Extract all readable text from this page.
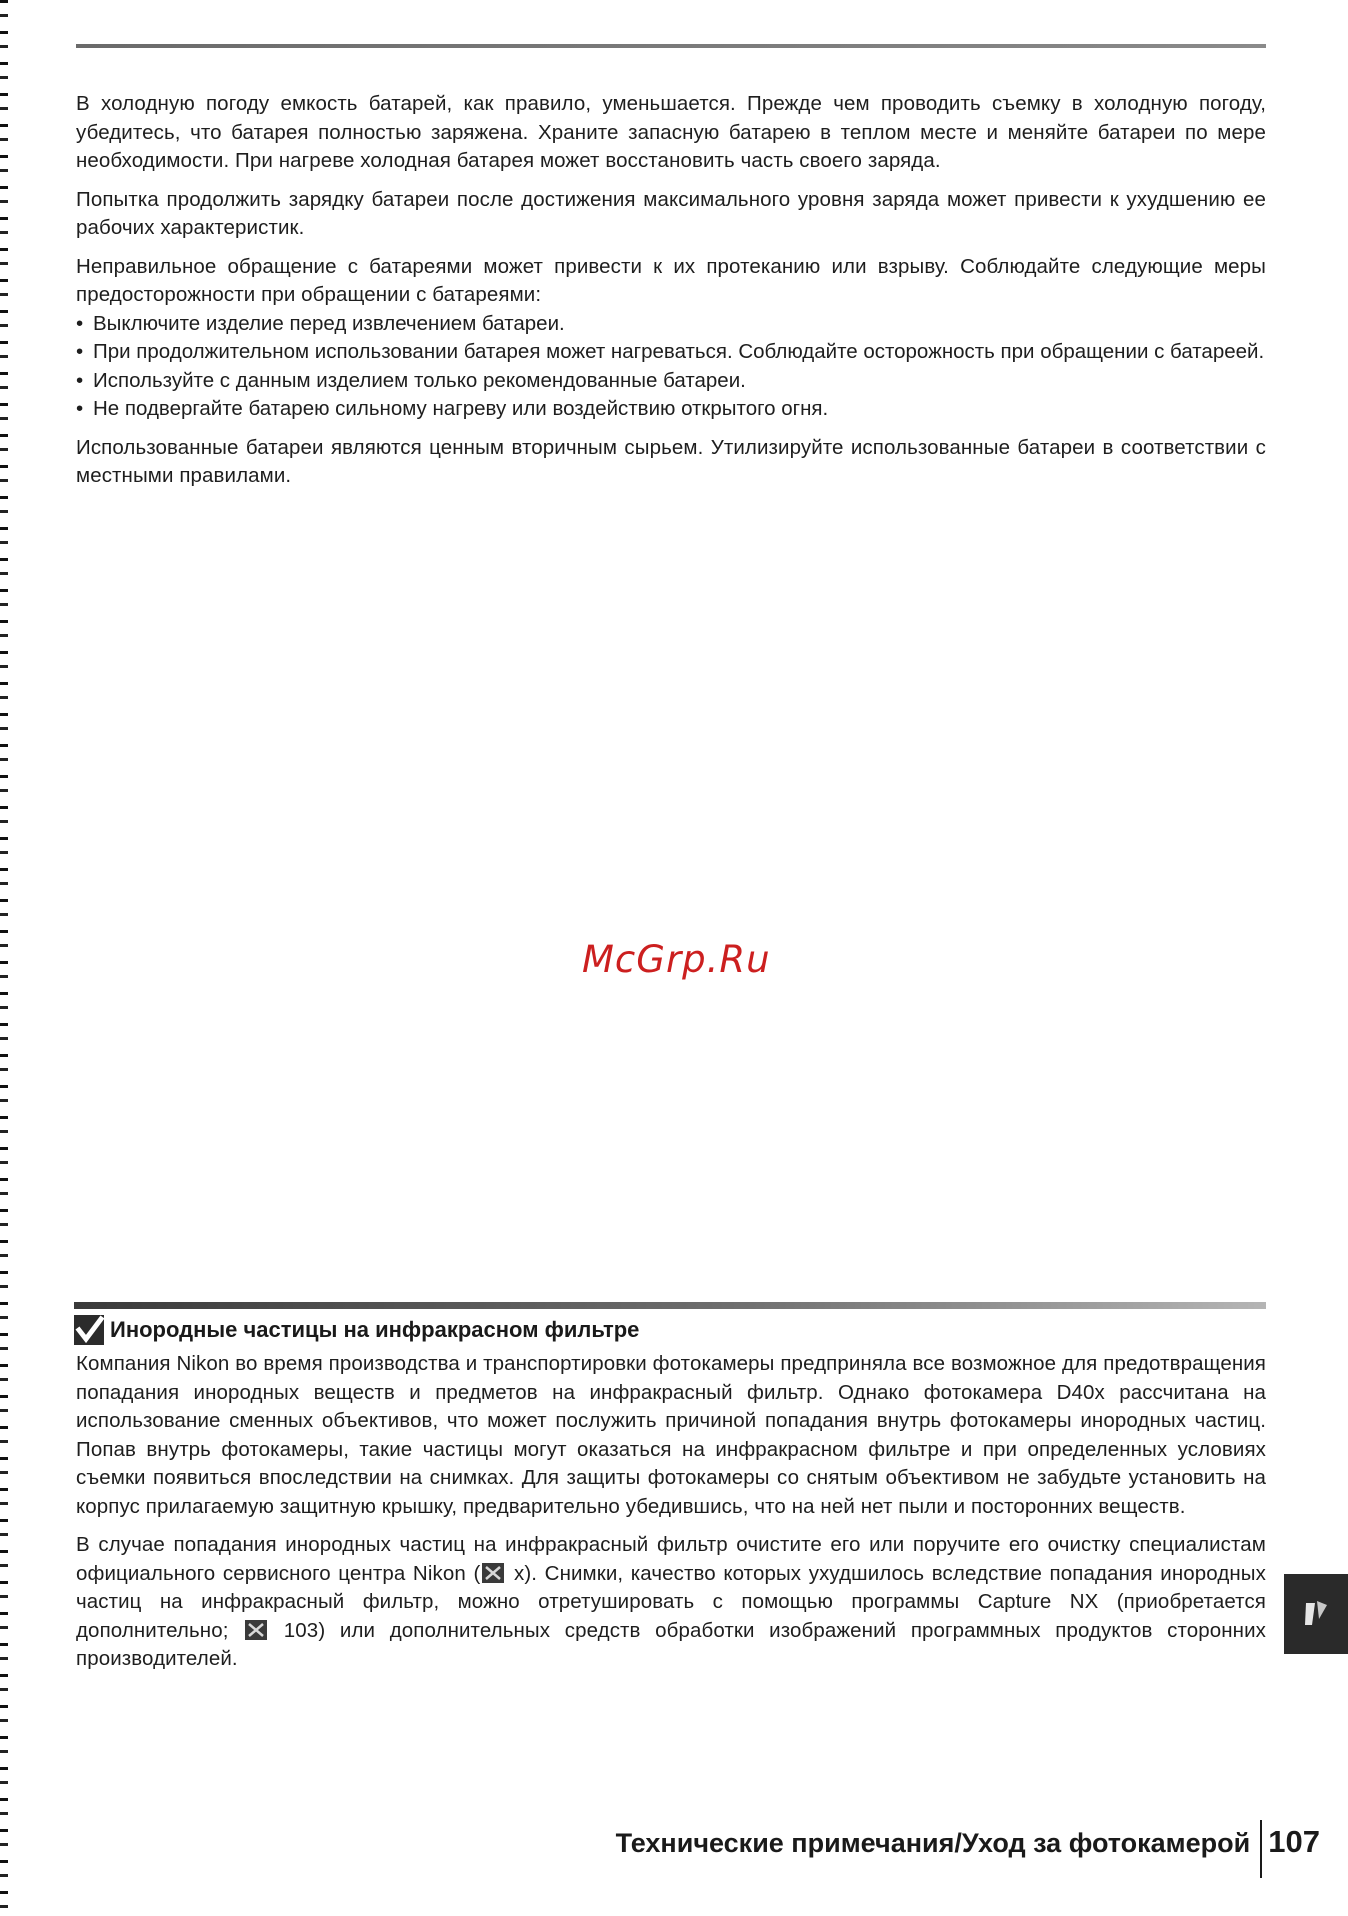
В холодную погоду емкость батарей, как правило, уменьшается. Прежде чем проводить съемку в холодную погоду, убедитесь, что батарея полностью заряжена. Храните запасную батарею в теплом месте и меняйте батареи по мере необходимости. При нагреве холодная батарея может восстановить часть своего заряда.

Попытка продолжить зарядку батареи после достижения максимального уровня заряда может привести к ухудшению ее рабочих характеристик.

Неправильное обращение с батареями может привести к их протеканию или взрыву. Соблюдайте следующие меры предосторожности при обращении с батареями:

• Выключите изделие перед извлечением батареи.
• При продолжительном использовании батарея может нагреваться. Соблюдайте осторожность при обращении с батареей.
• Используйте с данным изделием только рекомендованные батареи.
• Не подвергайте батарею сильному нагреву или воздействию открытого огня.

Использованные батареи являются ценным вторичным сырьем. Утилизируйте использованные батареи в соответствии с местными правилами.

McGrp.Ru
Инородные частицы на инфракрасном фильтре

Компания Nikon во время производства и транспортировки фотокамеры предприняла все возможное для предотвращения попадания инородных веществ и предметов на инфракрасный фильтр. Однако фотокамера D40x рассчитана на использование сменных объективов, что может послужить причиной попадания внутрь фотокамеры инородных частиц. Попав внутрь фотокамеры, такие частицы могут оказаться на инфракрасном фильтре и при определенных условиях съемки появиться впоследствии на снимках. Для защиты фотокамеры со снятым объективом не забудьте установить на корпус прилагаемую защитную крышку, предварительно убедившись, что на ней нет пыли и посторонних веществ.

В случае попадания инородных частиц на инфракрасный фильтр очистите его или поручите его очистку специалистам официального сервисного центра Nikon ( x). Снимки, качество которых ухудшилось вследствие попадания инородных частиц на инфракрасный фильтр, можно отретушировать с помощью программы Capture NX (приобретается дополнительно;  103) или дополнительных средств обработки изображений программных продуктов сторонних производителей.

Технические примечания/Уход за фотокамерой 107
